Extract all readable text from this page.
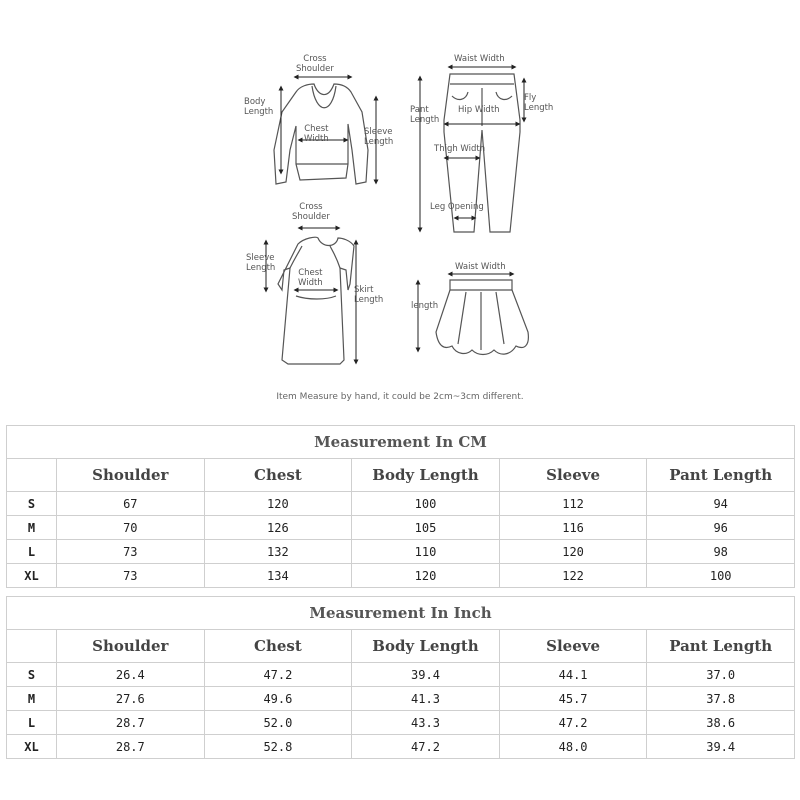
Cross
Shoulder
Body
Length
Chest
Width
Sleeve
Length
Waist Width
Pant
Length
Fly
Length
Hip Width
Thigh Width
Leg Opening
Cross
Shoulder
Sleeve
Length	Chest
Width
Skirt
Length
Waist Width
length
Item Measure by hand, it could be 2cm~3cm different.
Measurement In CM					
	Shoulder	Chest	Body Length	Sleeve	Pant Length
S	67	120	100	112	94
M	70	126	105	116	96
L	73	132	110	120	98
XL	73	134	120	122	100
Measurement In Inch					
	Shoulder	Chest	Body Length	Sleeve	Pant Length
S	26.4	47.2	39.4	44.1	37.0
M	27.6	49.6	41.3	45.7	37.8
L	28.7	52.0	43.3	47.2	38.6
XL	28.7	52.8	47.2	48.0	39.4
